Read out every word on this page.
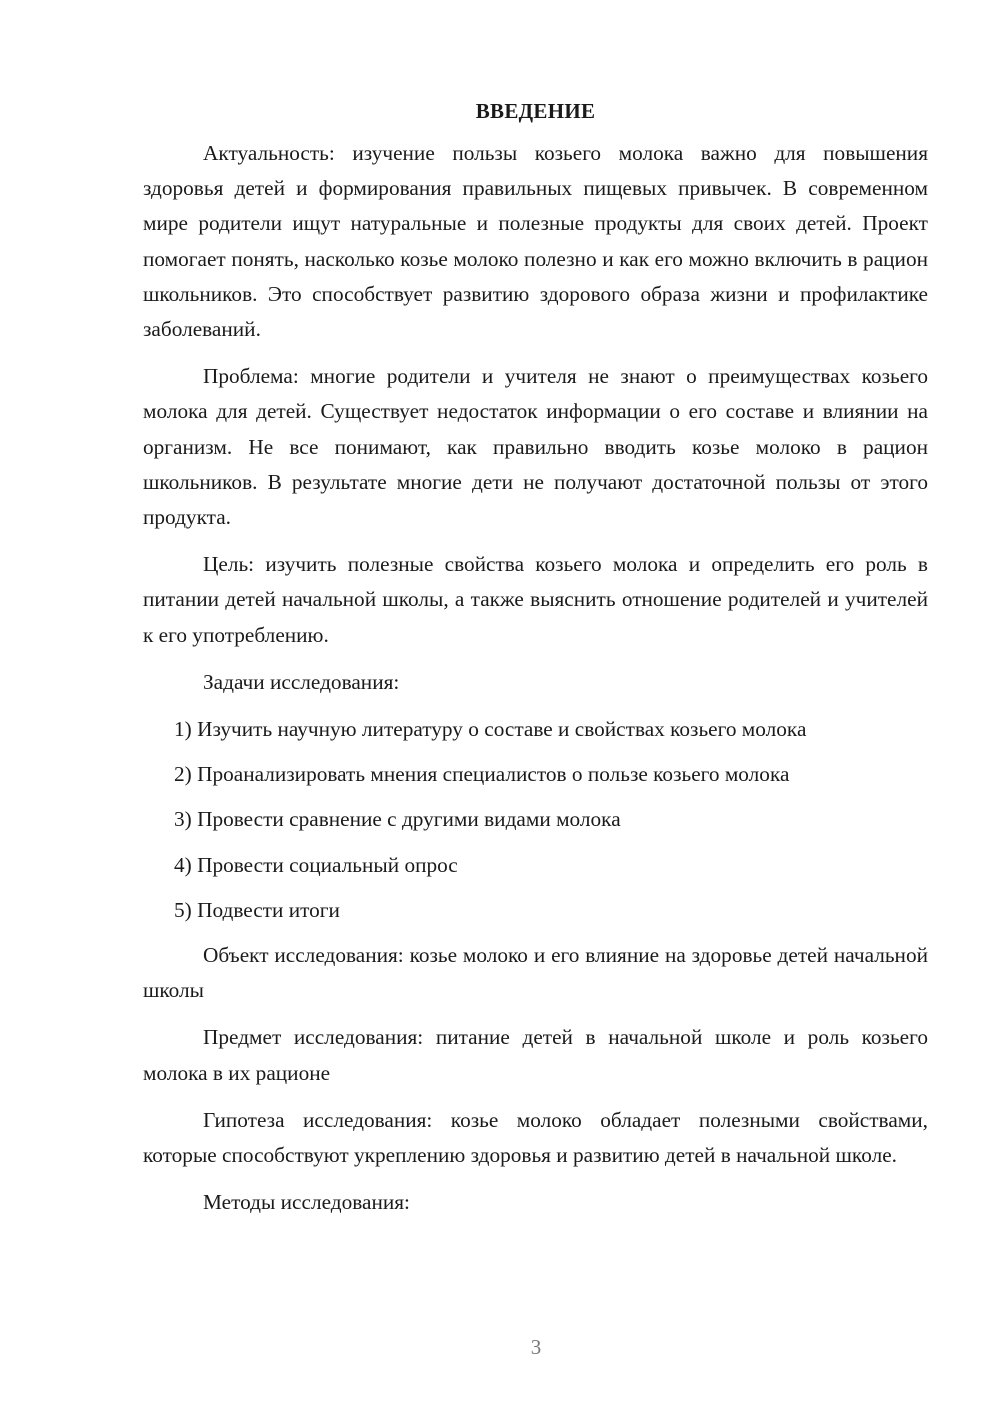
ВВЕДЕНИЕ

Актуальность: изучение пользы козьего молока важно для повышения здоровья детей и формирования правильных пищевых привычек. В современном мире родители ищут натуральные и полезные продукты для своих детей. Проект помогает понять, насколько козье молоко полезно и как его можно включить в рацион школьников. Это способствует развитию здорового образа жизни и профилактике заболеваний.

Проблема: многие родители и учителя не знают о преимуществах козьего молока для детей. Существует недостаток информации о его составе и влиянии на организм. Не все понимают, как правильно вводить козье молоко в рацион школьников. В результате многие дети не получают достаточной пользы от этого продукта.

Цель: изучить полезные свойства козьего молока и определить его роль в питании детей начальной школы, а также выяснить отношение родителей и учителей к его употреблению.

Задачи исследования:

1) Изучить научную литературу о составе и свойствах козьего молока
2) Проанализировать мнения специалистов о пользе козьего молока
3) Провести сравнение с другими видами молока
4) Провести социальный опрос
5) Подвести итоги

Объект исследования: козье молоко и его влияние на здоровье детей начальной школы

Предмет исследования: питание детей в начальной школе и роль козьего молока в их рационе

Гипотеза исследования: козье молоко обладает полезными свойствами, которые способствуют укреплению здоровья и развитию детей в начальной школе.

Методы исследования:

3
